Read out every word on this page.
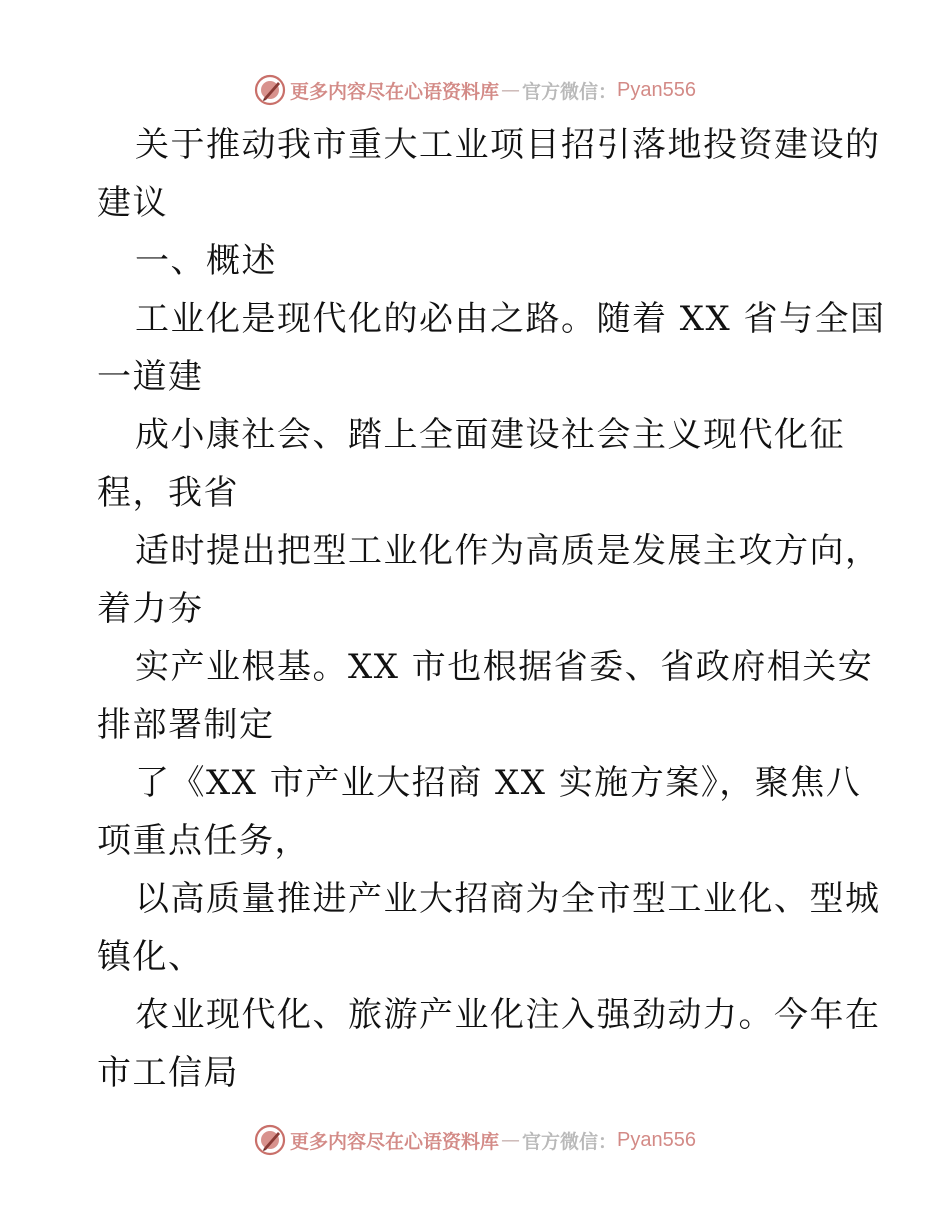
更多内容尽在心语资料库 — 官方微信： Pyan556
关于推动我市重大工业项目招引落地投资建设的
建议
一、概述
工业化是现代化的必由之路。随着 XX 省与全国
一道建
成小康社会、踏上全面建设社会主义现代化征
程，我省
适时提出把型工业化作为高质是发展主攻方向，
着力夯
实产业根基。XX 市也根据省委、省政府相关安
排部署制定
了《XX 市产业大招商 XX 实施方案》，聚焦八
项重点任务，
以高质量推进产业大招商为全市型工业化、型城
镇化、
农业现代化、旅游产业化注入强劲动力。今年在
市工信局
更多内容尽在心语资料库 — 官方微信： Pyan556
